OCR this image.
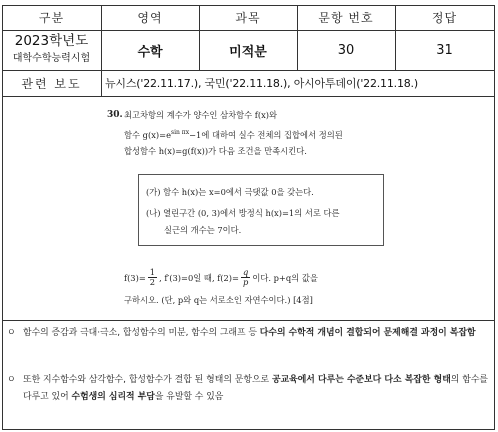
구분	영역	과목	문항 번호	정답
2023학년도
대학수학능력시험	수학	미적분	30	31
관련 보도	뉴시스('22.11.17.), 국민('22.11.18.), 아시아투데이('22.11.18.)
30. 최고차항의 계수가 양수인 삼차함수 f(x)와
함수 $g(x)=e^{sin \pi x}-1$에 대하여 실수 전체의 집합에서 정의된
합성함수 h(x)=g(f(x))가 다음 조건을 만족시킨다.
(가) 함수 h(x)는 x=0에서 극댓값 0을 갖는다.
(나) 열린구간 (0, 3)에서 방정식 h(x)=1의 서로 다른
실근의 개수는 7이다.
$f(3)= \frac{1}{2}$ , f′(3)=0일 때, $f(2)= \frac{q}{p}$ 이다. p+q의 값을
구하시오. (단, p와 q는 서로소인 자연수이다.) [4점]
ㅇ 함수의 증감과 극대·극소, 합성함수의 미분, 함수의 그래프 등 다수의 수학적 개념이 결합되어 문제해결 과정이 복잡함
ㅇ 또한 지수함수와 삼각함수, 합성함수가 결합 된 형태의 문항으로 공교육에서 다루는 수준보다 다소 복잡한 형태의 함수를 다루고 있어 수험생의 심리적 부담을 유발할 수 있음
